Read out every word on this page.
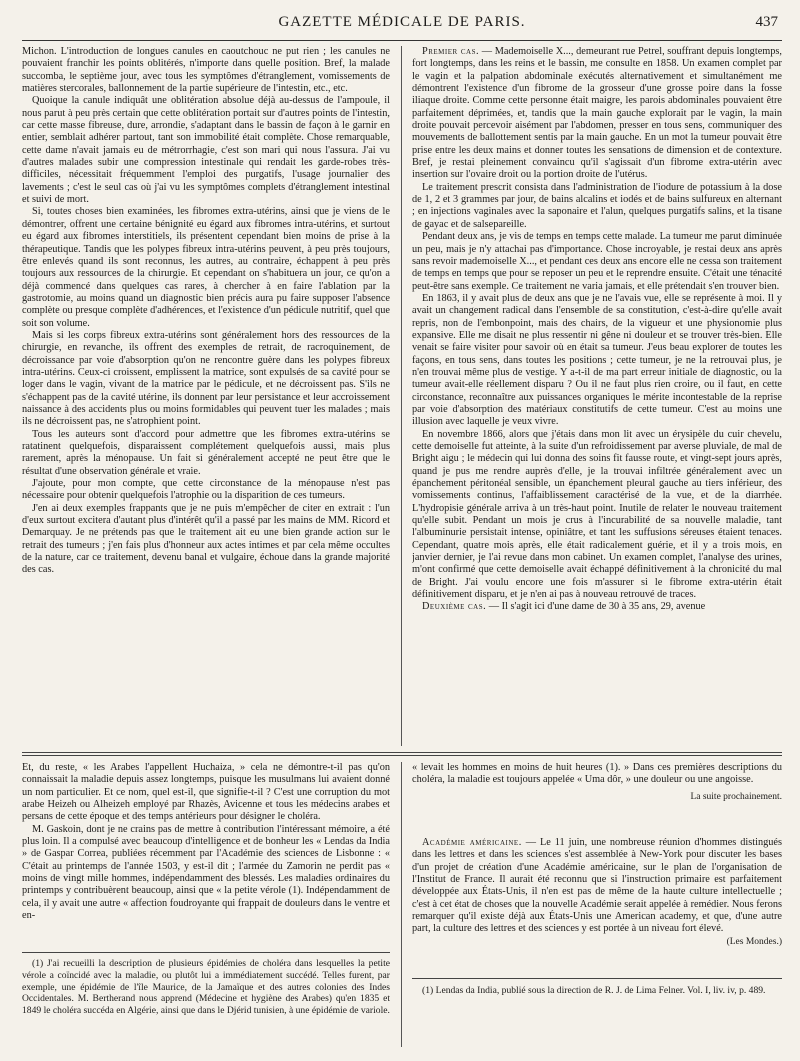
GAZETTE MÉDICALE DE PARIS.	437

Michon. L'introduction de longues canules en caoutchouc ne put rien ; les canules ne pouvaient franchir les points oblitérés, n'importe dans quelle position. Bref, la malade succomba, le septième jour, avec tous les symptômes d'étranglement, vomissements de matières stercorales, ballonnement de la partie supérieure de l'intestin, etc., etc.

Quoique la canule indiquât une oblitération absolue déjà au-dessus de l'ampoule, il nous parut à peu près certain que cette oblitération portait sur d'autres points de l'intestin, car cette masse fibreuse, dure, arrondie, s'adaptant dans le bassin de façon à le garnir en entier, semblait adhérer partout, tant son immobilité était complète. Chose remarquable, cette dame n'avait jamais eu de métrorrhagie, c'est son mari qui nous l'assura. J'ai vu d'autres malades subir une compression intestinale qui rendait les garde-robes très-difficiles, nécessitait fréquemment l'emploi des purgatifs, l'usage journalier des lavements ; c'est le seul cas où j'ai vu les symptômes complets d'étranglement intestinal et suivi de mort.

Si, toutes choses bien examinées, les fibromes extra-utérins, ainsi que je viens de le démontrer, offrent une certaine bénignité eu égard aux fibromes intra-utérins, et surtout eu égard aux fibromes interstitiels, ils présentent cependant bien moins de prise à la thérapeutique. Tandis que les polypes fibreux intra-utérins peuvent, à peu près toujours, être enlevés quand ils sont reconnus, les autres, au contraire, échappent à peu près toujours aux ressources de la chirurgie. Et cependant on s'habituera un jour, ce qu'on a déjà commencé dans quelques cas rares, à chercher à en faire l'ablation par la gastrotomie, au moins quand un diagnostic bien précis aura pu faire supposer l'absence complète ou presque complète d'adhérences, et l'existence d'un pédicule nutritif, quel que soit son volume.

Mais si les corps fibreux extra-utérins sont généralement hors des ressources de la chirurgie, en revanche, ils offrent des exemples de retrait, de racroquinement, de décroissance par voie d'absorption qu'on ne rencontre guère dans les polypes fibreux intra-utérins. Ceux-ci croissent, emplissent la matrice, sont expulsés de sa cavité pour se loger dans le vagin, vivant de la matrice par le pédicule, et ne décroissent pas. S'ils ne s'échappent pas de la cavité utérine, ils donnent par leur persistance et leur accroissement naissance à des accidents plus ou moins formidables qui peuvent tuer les malades ; mais ils ne décroissent pas, ne s'atrophient point.

Tous les auteurs sont d'accord pour admettre que les fibromes extra-utérins se ratatinent quelquefois, disparaissent complétement quelquefois aussi, mais plus rarement, après la ménopause. Un fait si généralement accepté ne peut être que le résultat d'une observation générale et vraie.

J'ajoute, pour mon compte, que cette circonstance de la ménopause n'est pas nécessaire pour obtenir quelquefois l'atrophie ou la disparition de ces tumeurs.

J'en ai deux exemples frappants que je ne puis m'empêcher de citer en extrait : l'un d'eux surtout excitera d'autant plus d'intérêt qu'il a passé par les mains de MM. Ricord et Demarquay. Je ne prétends pas que le traitement ait eu une bien grande action sur le retrait des tumeurs ; j'en fais plus d'honneur aux actes intimes et par cela même occultes de la nature, car ce traitement, devenu banal et vulgaire, échoue dans la grande majorité des cas.

Premier cas. — Mademoiselle X..., demeurant rue Petrel, souffrant depuis longtemps, fort longtemps, dans les reins et le bassin, me consulte en 1858. Un examen complet par le vagin et la palpation abdominale exécutés alternativement et simultanément me démontrent l'existence d'un fibrome de la grosseur d'une grosse poire dans la fosse iliaque droite. Comme cette personne était maigre, les parois abdominales pouvaient être parfaitement déprimées, et, tandis que la main gauche explorait par le vagin, la main droite pouvait percevoir aisément par l'abdomen, presser en tous sens, communiquer des mouvements de ballottement sentis par la main gauche. En un mot la tumeur pouvait être prise entre les deux mains et donner toutes les sensations de dimension et de contexture. Bref, je restai pleinement convaincu qu'il s'agissait d'un fibrome extra-utérin avec insertion sur l'ovaire droit ou la portion droite de l'utérus.

Le traitement prescrit consista dans l'administration de l'iodure de potassium à la dose de 1, 2 et 3 grammes par jour, de bains alcalins et iodés et de bains sulfureux en alternant ; en injections vaginales avec la saponaire et l'alun, quelques purgatifs salins, et la tisane de gayac et de salsepareille.

Pendant deux ans, je vis de temps en temps cette malade. La tumeur me parut diminuée un peu, mais je n'y attachai pas d'importance. Chose incroyable, je restai deux ans après sans revoir mademoiselle X..., et pendant ces deux ans encore elle ne cessa son traitement de temps en temps que pour se reposer un peu et le reprendre ensuite. C'était une ténacité peut-être sans exemple. Ce traitement ne varia jamais, et elle prétendait s'en trouver bien.

En 1863, il y avait plus de deux ans que je ne l'avais vue, elle se représente à moi. Il y avait un changement radical dans l'ensemble de sa constitution, c'est-à-dire qu'elle avait repris, non de l'embonpoint, mais des chairs, de la vigueur et une physionomie plus expansive. Elle me disait ne plus ressentir ni gêne ni douleur et se trouver très-bien. Elle venait se faire visiter pour savoir où en était sa tumeur. J'eus beau explorer de toutes les façons, en tous sens, dans toutes les positions ; cette tumeur, je ne la retrouvai plus, je n'en trouvai même plus de vestige. Y a-t-il de ma part erreur initiale de diagnostic, ou la tumeur avait-elle réellement disparu ? Ou il ne faut plus rien croire, ou il faut, en cette circonstance, reconnaître aux puissances organiques le mérite incontestable de la reprise par voie d'absorption des matériaux constitutifs de cette tumeur. C'est au moins une illusion avec laquelle je veux vivre.

En novembre 1866, alors que j'étais dans mon lit avec un érysipèle du cuir chevelu, cette demoiselle fut atteinte, à la suite d'un refroidissement par averse pluviale, de mal de Bright aigu ; le médecin qui lui donna des soins fit fausse route, et vingt-sept jours après, quand je pus me rendre auprès d'elle, je la trouvai infiltrée généralement avec un épanchement péritonéal sensible, un épanchement pleural gauche au tiers inférieur, des vomissements continus, l'affaiblissement caractérisé de la vue, et de la diarrhée. L'hydropisie générale arriva à un très-haut point. Inutile de relater le nouveau traitement qu'elle subit. Pendant un mois je crus à l'incurabilité de sa nouvelle maladie, tant l'albuminurie persistait intense, opiniâtre, et tant les suffusions séreuses étaient tenaces. Cependant, quatre mois après, elle était radicalement guérie, et il y a trois mois, en janvier dernier, je l'ai revue dans mon cabinet. Un examen complet, l'analyse des urines, m'ont confirmé que cette demoiselle avait échappé définitivement à la chronicité du mal de Bright. J'ai voulu encore une fois m'assurer si le fibrome extra-utérin était définitivement disparu, et je n'en ai pas à nouveau retrouvé de traces.

Deuxième cas. — Il s'agit ici d'une dame de 30 à 35 ans, 29, avenue

Et, du reste, « les Arabes l'appellent Huchaiza, » cela ne démontre-t-il pas qu'on connaissait la maladie depuis assez longtemps, puisque les musulmans lui avaient donné un nom particulier. Et ce nom, quel est-il, que signifie-t-il ? C'est une corruption du mot arabe Heizeh ou Alheizeh employé par Rhazès, Avicenne et tous les médecins arabes et persans de cette époque et des temps antérieurs pour désigner le choléra.

M. Gaskoin, dont je ne crains pas de mettre à contribution l'intéressant mémoire, a été plus loin. Il a compulsé avec beaucoup d'intelligence et de bonheur les « Lendas da India » de Gaspar Correa, publiées récemment par l'Académie des sciences de Lisbonne : « C'était au printemps de l'année 1503, y est-il dit ; l'armée du Zamorin ne perdit pas « moins de vingt mille hommes, indépendamment des blessés. Les maladies ordinaires du printemps y contribuèrent beaucoup, ainsi que « la petite vérole (1). Indépendamment de cela, il y avait une autre « affection foudroyante qui frappait de douleurs dans le ventre et en-

(1) J'ai recueilli la description de plusieurs épidémies de choléra dans lesquelles la petite vérole a coïncidé avec la maladie, ou plutôt lui a immédiatement succédé. Telles furent, par exemple, une épidémie de l'île Maurice, de la Jamaïque et des autres colonies des Indes Occidentales. M. Bertherand nous apprend (Médecine et hygiène des Arabes) qu'en 1835 et 1849 le choléra succéda en Algérie, ainsi que dans le Djérid tunisien, à une épidémie de variole.

« levait les hommes en moins de huit heures (1). » Dans ces premières descriptions du choléra, la maladie est toujours appelée « Uma dôr, » une douleur ou une angoisse.

La suite prochainement.

Académie américaine. — Le 11 juin, une nombreuse réunion d'hommes distingués dans les lettres et dans les sciences s'est assemblée à New-York pour discuter les bases d'un projet de création d'une Académie américaine, sur le plan de l'organisation de l'Institut de France. Il aurait été reconnu que si l'instruction primaire est parfaitement développée aux États-Unis, il n'en est pas de même de la haute culture intellectuelle ; c'est à cet état de choses que la nouvelle Académie serait appelée à remédier. Nous ferons remarquer qu'il existe déjà aux États-Unis une American academy, et que, d'une autre part, la culture des lettres et des sciences y est portée à un niveau fort élevé.

(Les Mondes.)

(1) Lendas da India, publié sous la direction de R. J. de Lima Felner. Vol. I, liv. iv, p. 489.
